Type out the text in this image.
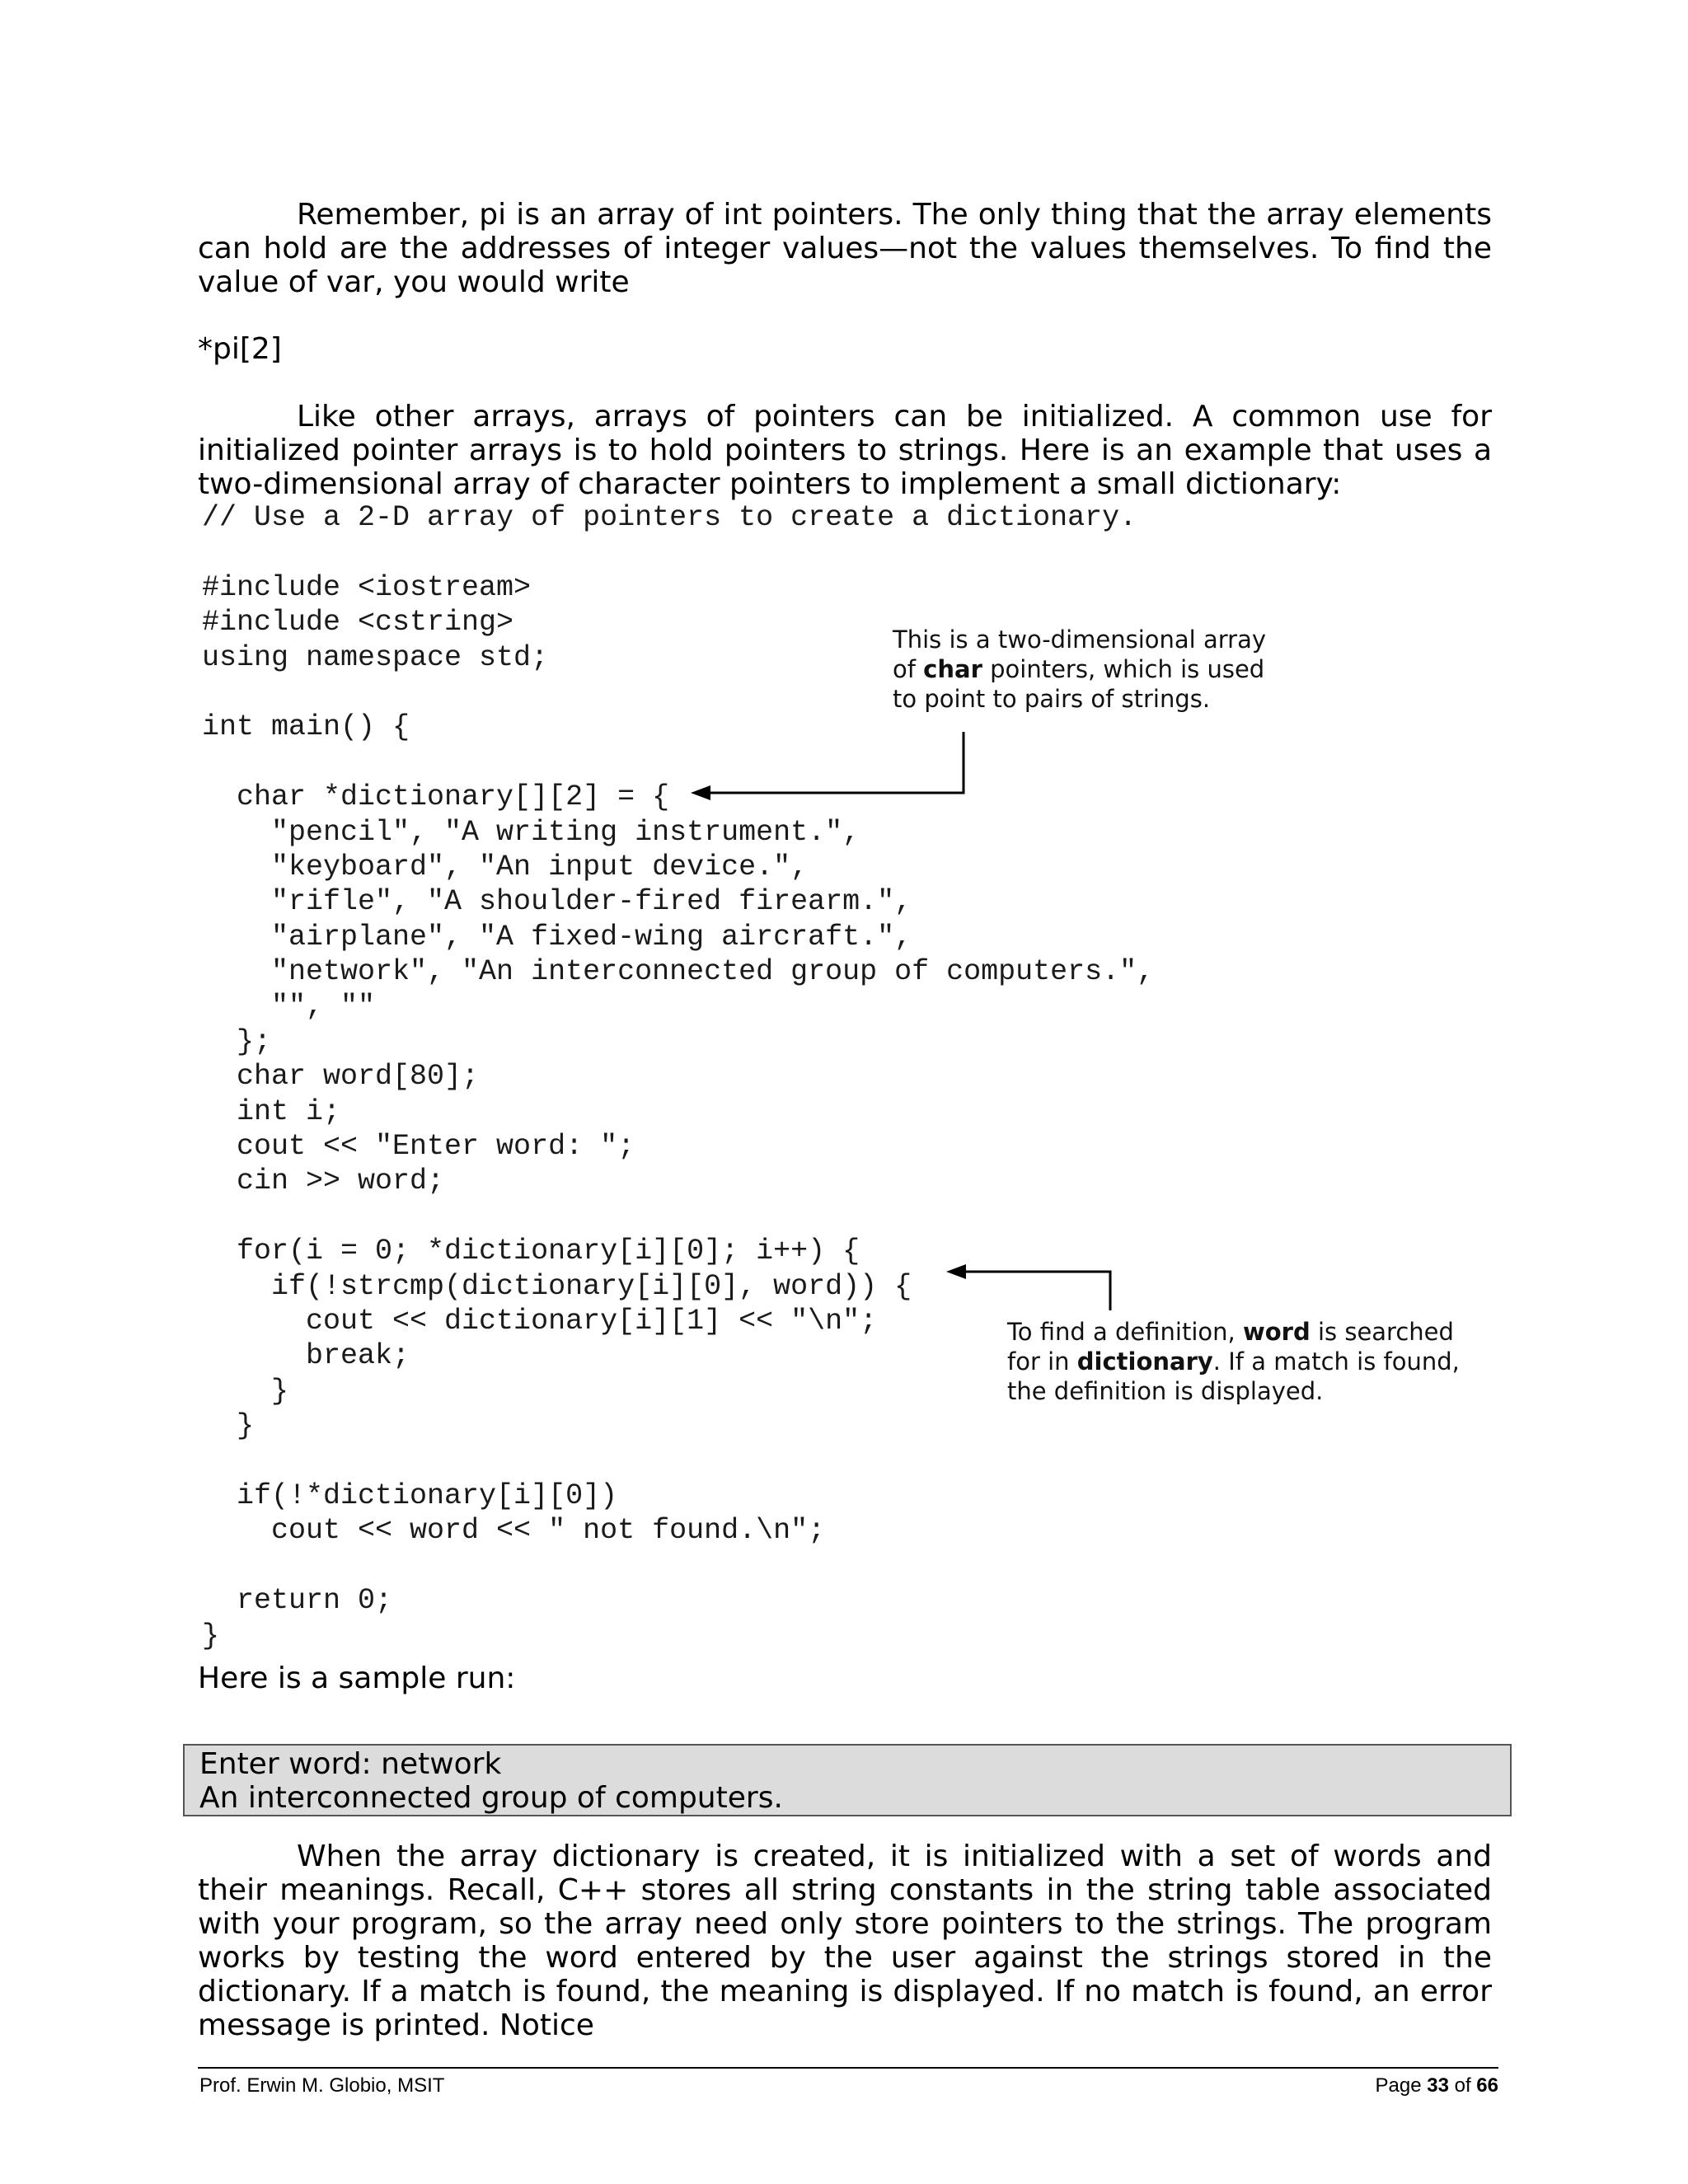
Remember, pi is an array of int pointers. The only thing that the array elements can hold are the addresses of integer values—not the values themselves. To find the value of var, you would write

*pi[2]

Like other arrays, arrays of pointers can be initialized. A common use for initialized pointer arrays is to hold pointers to strings. Here is an example that uses a two-dimensional array of character pointers to implement a small dictionary:

// Use a 2-D array of pointers to create a dictionary.
#include <iostream>
#include <cstring>
using namespace std;
int main() {
char *dictionary[][2] = {
"pencil", "A writing instrument.",
"keyboard", "An input device.",
"rifle", "A shoulder-fired firearm.",
"airplane", "A fixed-wing aircraft.",
"network", "An interconnected group of computers.",
"", ""
};
char word[80];
int i;
cout << "Enter word: ";
cin >> word;
for(i = 0; *dictionary[i][0]; i++) {
if(!strcmp(dictionary[i][0], word)) {
cout << dictionary[i][1] << "\n";
break;
}
}
if(!*dictionary[i][0])
cout << word << " not found.\n";
return 0;
}
This is a two-dimensional array
of char pointers, which is used
to point to pairs of strings.
To find a definition, word is searched
for in dictionary. If a match is found,
the definition is displayed.

Here is a sample run:

Enter word: network
An interconnected group of computers.

When the array dictionary is created, it is initialized with a set of words and their meanings. Recall, C++ stores all string constants in the string table associated with your program, so the array need only store pointers to the strings. The program works by testing the word entered by the user against the strings stored in the dictionary. If a match is found, the meaning is displayed. If no match is found, an error message is printed. Notice

Prof. Erwin M. Globio, MSIT	Page 33 of 66
